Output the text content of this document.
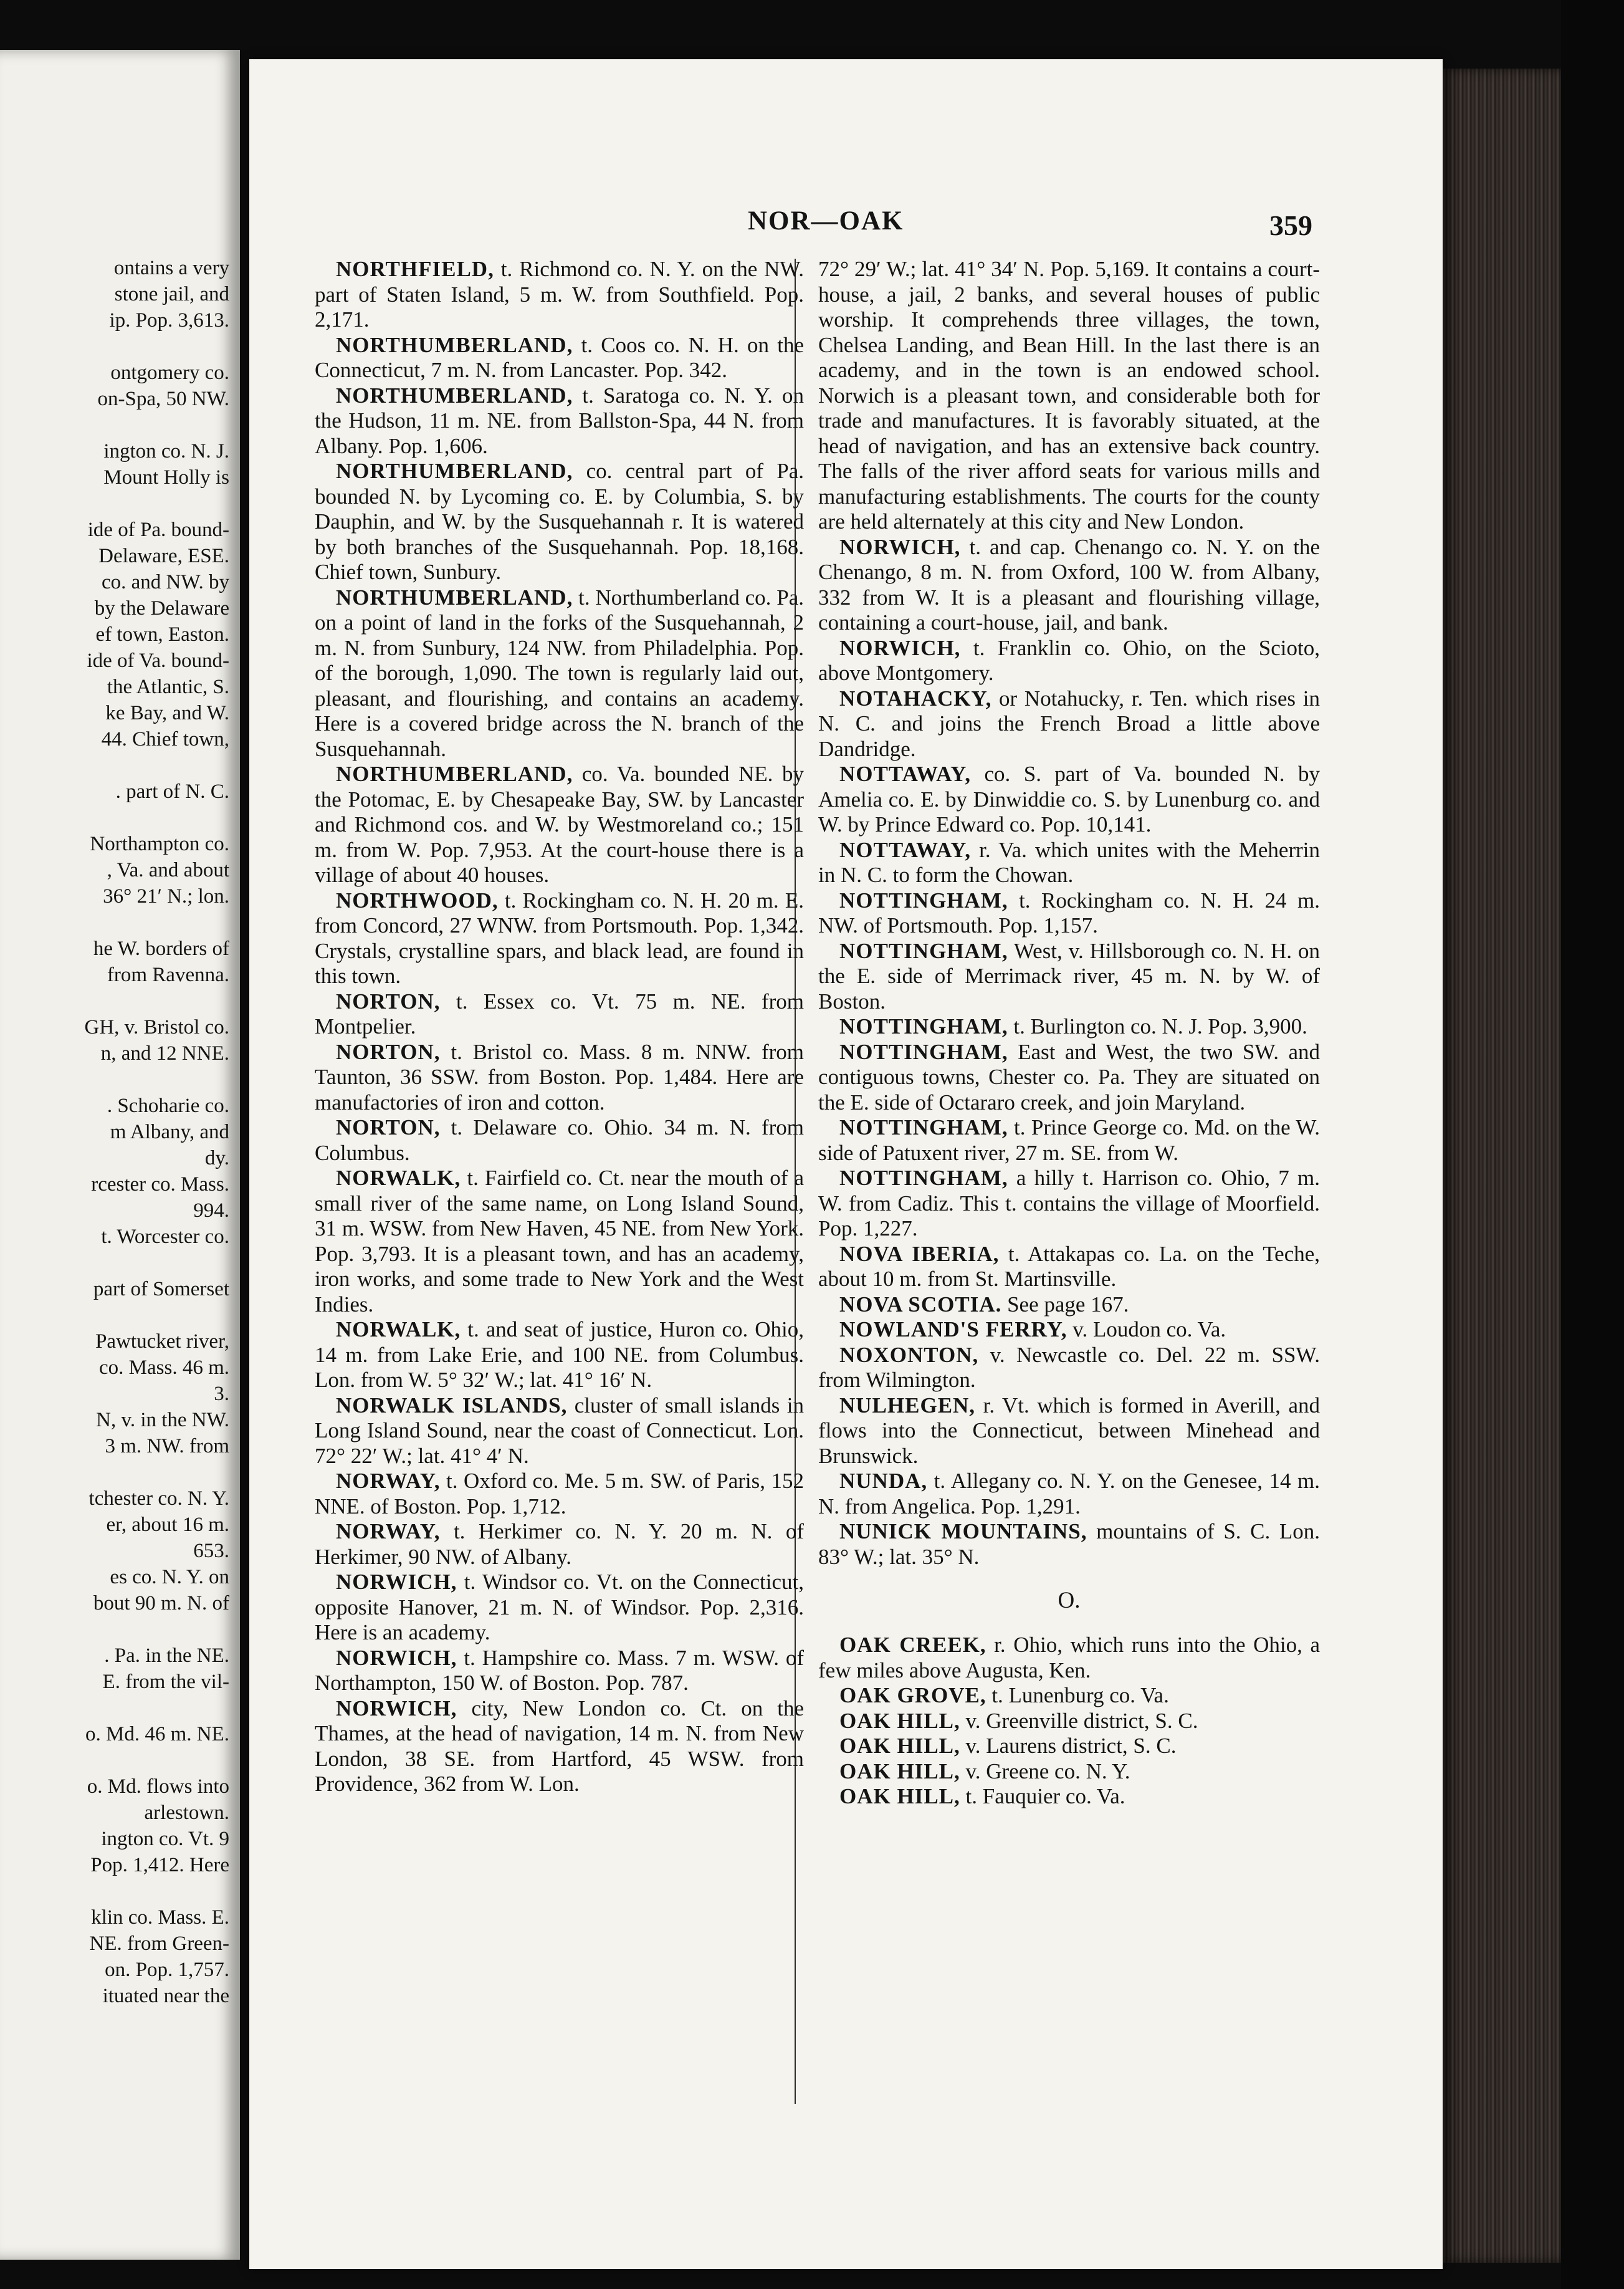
ontains a very
stone jail, and
ip. Pop. 3,613.
ontgomery co.
on-Spa, 50 NW.
ington co. N. J.
Mount Holly is
ide of Pa. bound-
Delaware, ESE.
co. and NW. by
by the Delaware
ef town, Easton.
ide of Va. bound-
the Atlantic, S.
ke Bay, and W.
44. Chief town,
. part of N. C.
Northampton co.
, Va. and about
36° 21′ N.; lon.
he W. borders of
from Ravenna.
GH, v. Bristol co.
n, and 12 NNE.
. Schoharie co.
m Albany, and
dy.
rcester co. Mass.
994.
t. Worcester co.
part of Somerset
Pawtucket river,
co. Mass. 46 m.
3.
N, v. in the NW.
3 m. NW. from
tchester co. N. Y.
er, about 16 m.
653.
es co. N. Y. on
bout 90 m. N. of
. Pa. in the NE.
E. from the vil-
o. Md. 46 m. NE.
o. Md. flows into
arlestown.
ington co. Vt. 9
Pop. 1,412. Here
klin co. Mass. E.
NE. from Green-
on. Pop. 1,757.
ituated near the
NOR—OAK	359

NORTHFIELD, t. Richmond co. N. Y. on the NW. part of Staten Island, 5 m. W. from Southfield. Pop. 2,171.

NORTHUMBERLAND, t. Coos co. N. H. on the Connecticut, 7 m. N. from Lancaster. Pop. 342.

NORTHUMBERLAND, t. Saratoga co. N. Y. on the Hudson, 11 m. NE. from Ballston-Spa, 44 N. from Albany. Pop. 1,606.

NORTHUMBERLAND, co. central part of Pa. bounded N. by Lycoming co. E. by Columbia, S. by Dauphin, and W. by the Susquehannah r. It is watered by both branches of the Susquehannah. Pop. 18,168. Chief town, Sunbury.

NORTHUMBERLAND, t. Northumberland co. Pa. on a point of land in the forks of the Susquehannah, 2 m. N. from Sunbury, 124 NW. from Philadelphia. Pop. of the borough, 1,090. The town is regularly laid out, pleasant, and flourishing, and contains an academy. Here is a covered bridge across the N. branch of the Susquehannah.

NORTHUMBERLAND, co. Va. bounded NE. by the Potomac, E. by Chesapeake Bay, SW. by Lancaster and Richmond cos. and W. by Westmoreland co.; 151 m. from W. Pop. 7,953. At the court-house there is a village of about 40 houses.

NORTHWOOD, t. Rockingham co. N. H. 20 m. E. from Concord, 27 WNW. from Portsmouth. Pop. 1,342. Crystals, crystalline spars, and black lead, are found in this town.

NORTON, t. Essex co. Vt. 75 m. NE. from Montpelier.

NORTON, t. Bristol co. Mass. 8 m. NNW. from Taunton, 36 SSW. from Boston. Pop. 1,484. Here are manufactories of iron and cotton.

NORTON, t. Delaware co. Ohio. 34 m. N. from Columbus.

NORWALK, t. Fairfield co. Ct. near the mouth of a small river of the same name, on Long Island Sound, 31 m. WSW. from New Haven, 45 NE. from New York. Pop. 3,793. It is a pleasant town, and has an academy, iron works, and some trade to New York and the West Indies.

NORWALK, t. and seat of justice, Huron co. Ohio, 14 m. from Lake Erie, and 100 NE. from Columbus. Lon. from W. 5° 32′ W.; lat. 41° 16′ N.

NORWALK ISLANDS, cluster of small islands in Long Island Sound, near the coast of Connecticut. Lon. 72° 22′ W.; lat. 41° 4′ N.

NORWAY, t. Oxford co. Me. 5 m. SW. of Paris, 152 NNE. of Boston. Pop. 1,712.

NORWAY, t. Herkimer co. N. Y. 20 m. N. of Herkimer, 90 NW. of Albany.

NORWICH, t. Windsor co. Vt. on the Connecticut, opposite Hanover, 21 m. N. of Windsor. Pop. 2,316. Here is an academy.

NORWICH, t. Hampshire co. Mass. 7 m. WSW. of Northampton, 150 W. of Boston. Pop. 787.

NORWICH, city, New London co. Ct. on the Thames, at the head of navigation, 14 m. N. from New London, 38 SE. from Hartford, 45 WSW. from Providence, 362 from W. Lon.

72° 29′ W.; lat. 41° 34′ N. Pop. 5,169. It contains a court-house, a jail, 2 banks, and several houses of public worship. It comprehends three villages, the town, Chelsea Landing, and Bean Hill. In the last there is an academy, and in the town is an endowed school. Norwich is a pleasant town, and considerable both for trade and manufactures. It is favorably situated, at the head of navigation, and has an extensive back country. The falls of the river afford seats for various mills and manufacturing establishments. The courts for the county are held alternately at this city and New London.

NORWICH, t. and cap. Chenango co. N. Y. on the Chenango, 8 m. N. from Oxford, 100 W. from Albany, 332 from W. It is a pleasant and flourishing village, containing a court-house, jail, and bank.

NORWICH, t. Franklin co. Ohio, on the Scioto, above Montgomery.

NOTAHACKY, or Notahucky, r. Ten. which rises in N. C. and joins the French Broad a little above Dandridge.

NOTTAWAY, co. S. part of Va. bounded N. by Amelia co. E. by Dinwiddie co. S. by Lunenburg co. and W. by Prince Edward co. Pop. 10,141.

NOTTAWAY, r. Va. which unites with the Meherrin in N. C. to form the Chowan.

NOTTINGHAM, t. Rockingham co. N. H. 24 m. NW. of Portsmouth. Pop. 1,157.

NOTTINGHAM, West, v. Hillsborough co. N. H. on the E. side of Merrimack river, 45 m. N. by W. of Boston.

NOTTINGHAM, t. Burlington co. N. J. Pop. 3,900.

NOTTINGHAM, East and West, the two SW. and contiguous towns, Chester co. Pa. They are situated on the E. side of Octararo creek, and join Maryland.

NOTTINGHAM, t. Prince George co. Md. on the W. side of Patuxent river, 27 m. SE. from W.

NOTTINGHAM, a hilly t. Harrison co. Ohio, 7 m. W. from Cadiz. This t. contains the village of Moorfield. Pop. 1,227.

NOVA IBERIA, t. Attakapas co. La. on the Teche, about 10 m. from St. Martinsville.

NOVA SCOTIA. See page 167.

NOWLAND'S FERRY, v. Loudon co. Va.

NOXONTON, v. Newcastle co. Del. 22 m. SSW. from Wilmington.

NULHEGEN, r. Vt. which is formed in Averill, and flows into the Connecticut, between Minehead and Brunswick.

NUNDA, t. Allegany co. N. Y. on the Genesee, 14 m. N. from Angelica. Pop. 1,291.

NUNICK MOUNTAINS, mountains of S. C. Lon. 83° W.; lat. 35° N.

O.

OAK CREEK, r. Ohio, which runs into the Ohio, a few miles above Augusta, Ken.

OAK GROVE, t. Lunenburg co. Va.

OAK HILL, v. Greenville district, S. C.

OAK HILL, v. Laurens district, S. C.

OAK HILL, v. Greene co. N. Y.

OAK HILL, t. Fauquier co. Va.
